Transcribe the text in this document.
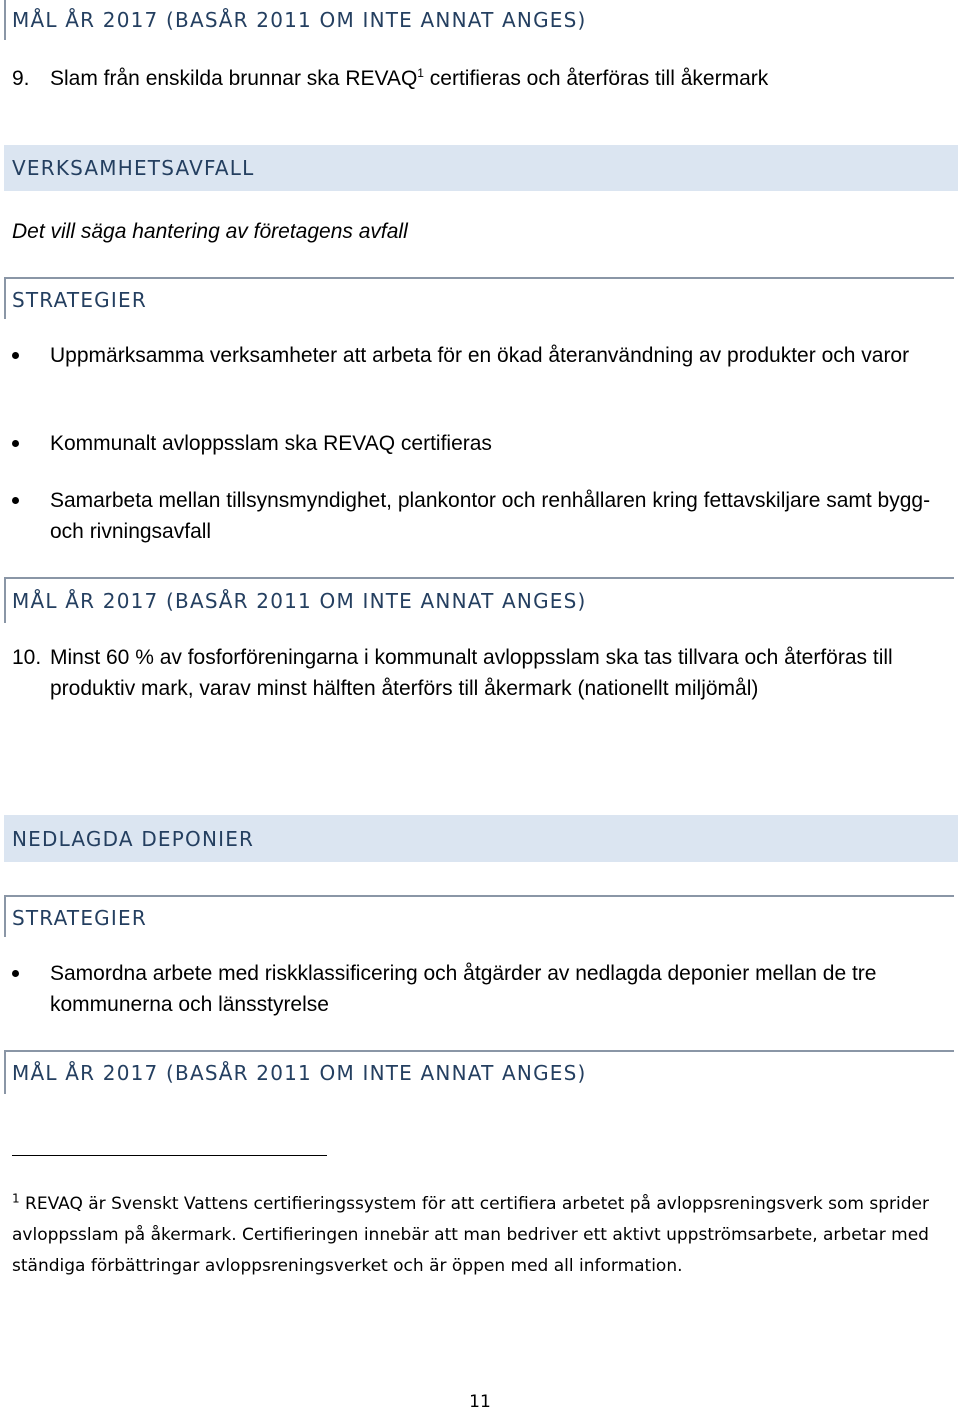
MÅL ÅR 2017 (BASÅR 2011 OM INTE ANNAT ANGES)
9. Slam från enskilda brunnar ska REVAQ$^1$ certifieras och återföras till åkermark
VERKSAMHETSAVFALL
Det vill säga hantering av företagens avfall
STRATEGIER
Uppmärksamma verksamheter att arbeta för en ökad återanvändning av produkter och varor
Kommunalt avloppsslam ska REVAQ certifieras
Samarbeta mellan tillsynsmyndighet, plankontor och renhållaren kring fettavskiljare samt bygg- och rivningsavfall
MÅL ÅR 2017 (BASÅR 2011 OM INTE ANNAT ANGES)
10. Minst 60 % av fosforföreningarna i kommunalt avloppsslam ska tas tillvara och återföras till produktiv mark, varav minst hälften återförs till åkermark (nationellt miljömål)
NEDLAGDA DEPONIER
STRATEGIER
Samordna arbete med riskklassificering och åtgärder av nedlagda deponier mellan de tre kommunerna och länsstyrelse
MÅL ÅR 2017 (BASÅR 2011 OM INTE ANNAT ANGES)
$^1$ REVAQ är Svenskt Vattens certifieringssystem för att certifiera arbetet på avloppsreningsverk som sprider avloppsslam på åkermark. Certifieringen innebär att man bedriver ett aktivt uppströmsarbete, arbetar med ständiga förbättringar avloppsreningsverket och är öppen med all information.
11
